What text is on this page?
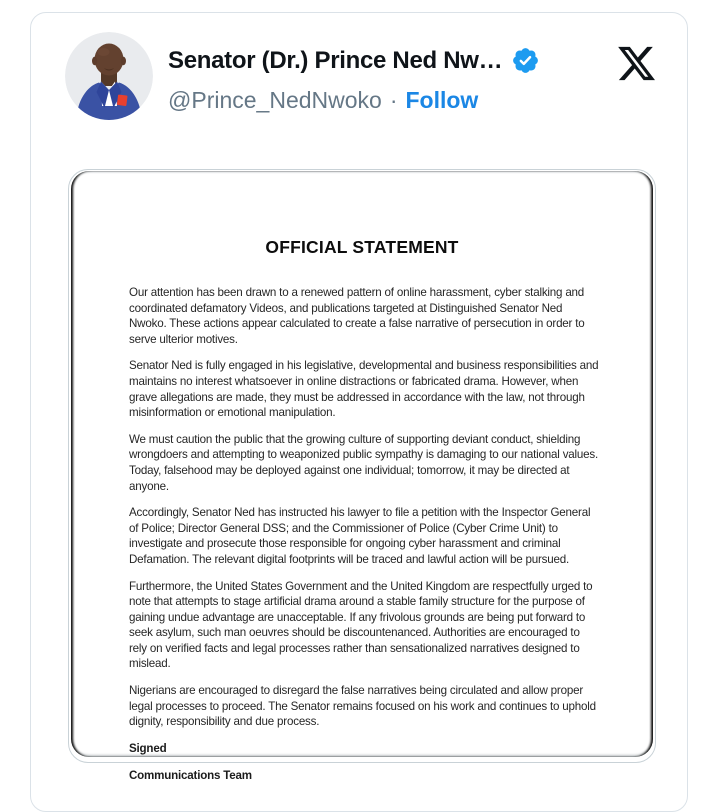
Senator (Dr.) Prince Ned Nw…
@Prince_NedNwoko · Follow
OFFICIAL STATEMENT

Our attention has been drawn to a renewed pattern of online harassment, cyber stalking and coordinated defamatory Videos, and publications targeted at Distinguished Senator Ned Nwoko. These actions appear calculated to create a false narrative of persecution in order to serve ulterior motives.

Senator Ned is fully engaged in his legislative, developmental and business responsibilities and maintains no interest whatsoever in online distractions or fabricated drama. However, when grave allegations are made, they must be addressed in accordance with the law, not through misinformation or emotional manipulation.

We must caution the public that the growing culture of supporting deviant conduct, shielding wrongdoers and attempting to weaponized public sympathy is damaging to our national values. Today, falsehood may be deployed against one individual; tomorrow, it may be directed at anyone.

Accordingly, Senator Ned has instructed his lawyer to file a petition with the Inspector General of Police; Director General DSS; and the Commissioner of Police (Cyber Crime Unit) to investigate and prosecute those responsible for ongoing cyber harassment and criminal Defamation. The relevant digital footprints will be traced and lawful action will be pursued.

Furthermore, the United States Government and the United Kingdom are respectfully urged to note that attempts to stage artificial drama around a stable family structure for the purpose of gaining undue advantage are unacceptable. If any frivolous grounds are being put forward to seek asylum, such man oeuvres should be discountenanced. Authorities are encouraged to rely on verified facts and legal processes rather than sensationalized narratives designed to mislead.

Nigerians are encouraged to disregard the false narratives being circulated and allow proper legal processes to proceed. The Senator remains focused on his work and continues to uphold dignity, responsibility and due process.

Signed
Communications Team
